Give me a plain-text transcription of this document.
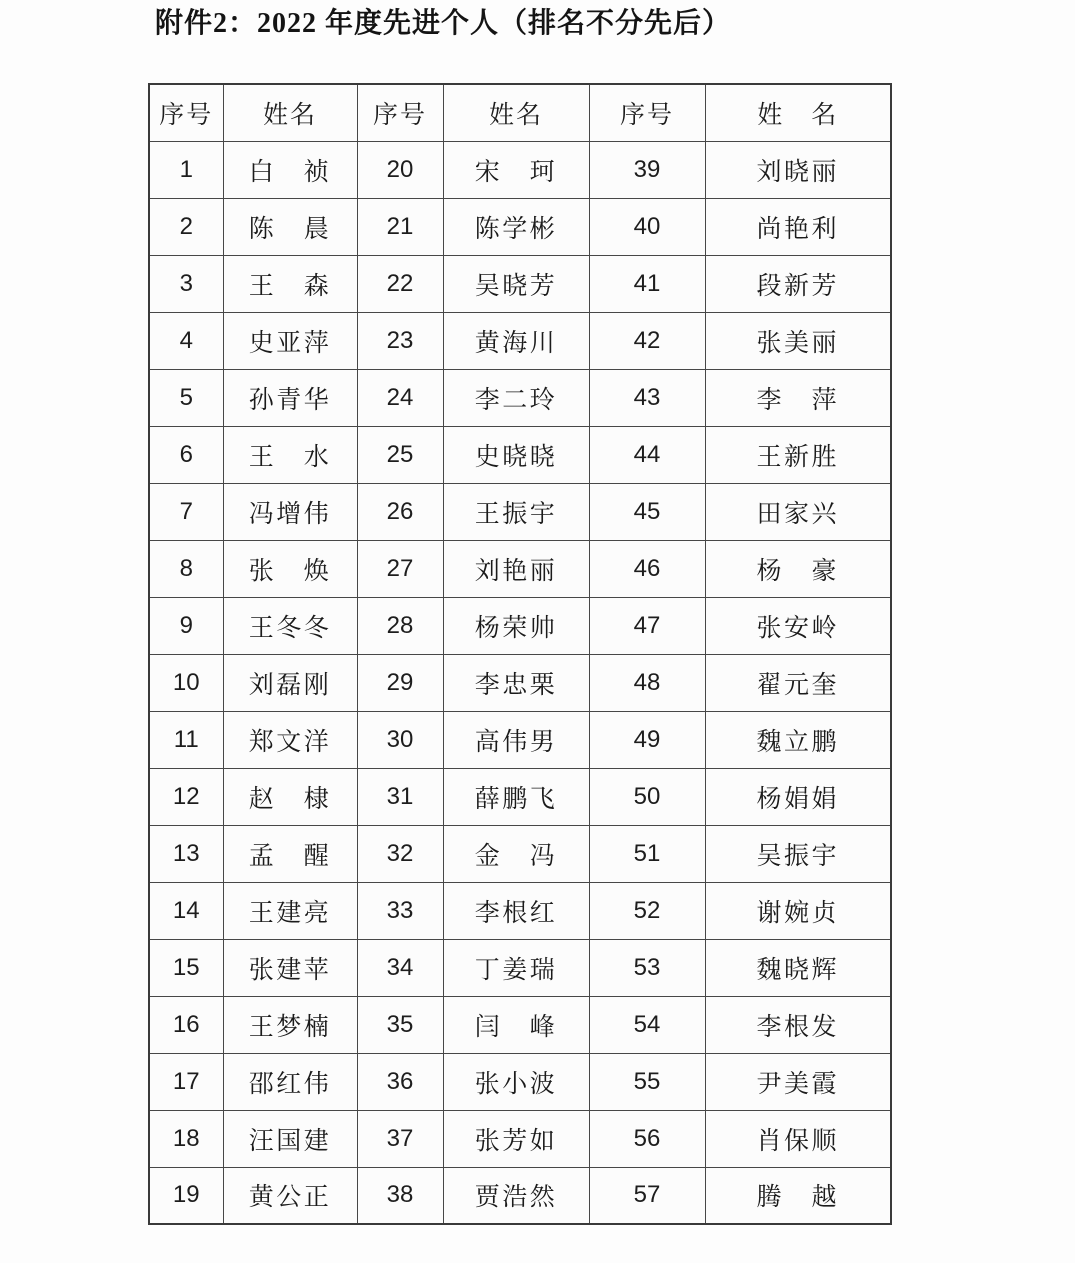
附件2：2022 年度先进个人（排名不分先后）
序号	姓名	序号	姓名	序号	姓　名
1	白　祯	20	宋　珂	39	刘晓丽
2	陈　晨	21	陈学彬	40	尚艳利
3	王　森	22	吴晓芳	41	段新芳
4	史亚萍	23	黄海川	42	张美丽
5	孙青华	24	李二玲	43	李　萍
6	王　水	25	史晓晓	44	王新胜
7	冯增伟	26	王振宇	45	田家兴
8	张　焕	27	刘艳丽	46	杨　豪
9	王冬冬	28	杨荣帅	47	张安岭
10	刘磊刚	29	李忠栗	48	翟元奎
11	郑文洋	30	高伟男	49	魏立鹏
12	赵　棣	31	薛鹏飞	50	杨娟娟
13	孟　醒	32	金　冯	51	吴振宇
14	王建亮	33	李根红	52	谢婉贞
15	张建苹	34	丁姜瑞	53	魏晓辉
16	王梦楠	35	闫　峰	54	李根发
17	邵红伟	36	张小波	55	尹美霞
18	汪国建	37	张芳如	56	肖保顺
19	黄公正	38	贾浩然	57	腾　越
